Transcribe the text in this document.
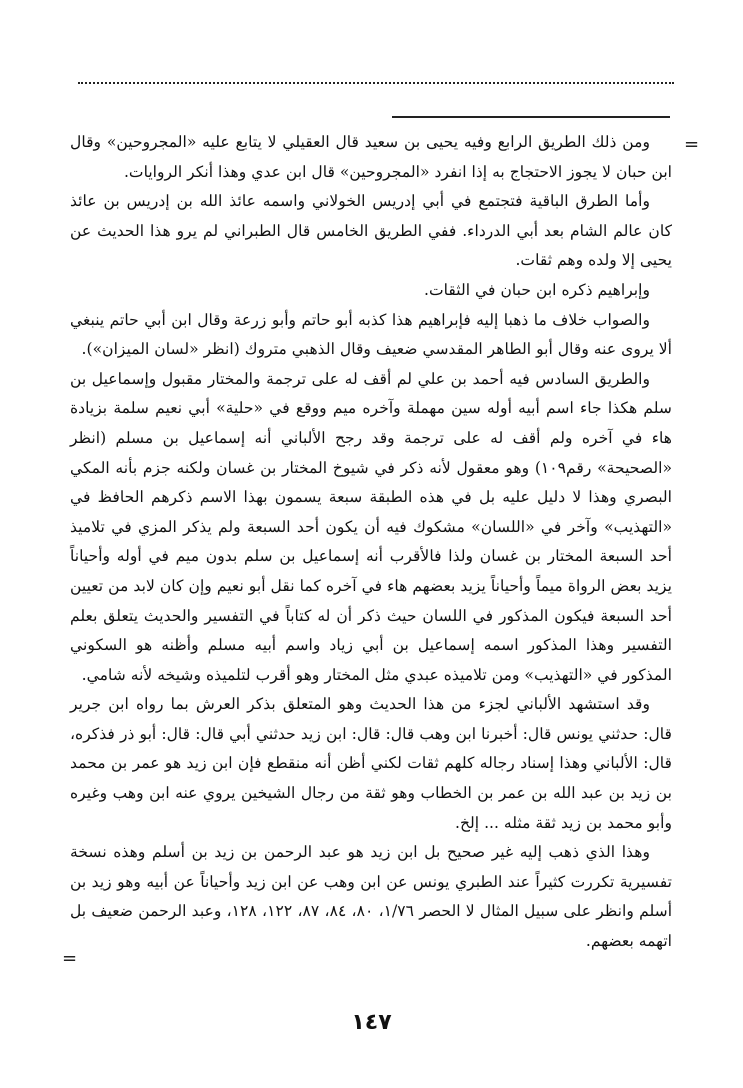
=

ومن ذلك الطريق الرابع وفيه يحيى بن سعيد قال العقيلي لا يتابع عليه «المجروحين» وقال ابن حبان لا يجوز الاحتجاج به إذا انفرد «المجروحين» قال ابن عدي وهذا أنكر الروايات.

وأما الطرق الباقية فتجتمع في أبي إدريس الخولاني واسمه عائذ الله بن إدريس بن عائذ كان عالم الشام بعد أبي الدرداء. ففي الطريق الخامس قال الطبراني لم يرو هذا الحديث عن يحيى إلا ولده وهم ثقات.

وإبراهيم ذكره ابن حبان في الثقات.

والصواب خلاف ما ذهبا إليه فإبراهيم هذا كذبه أبو حاتم وأبو زرعة وقال ابن أبي حاتم ينبغي ألا يروى عنه وقال أبو الطاهر المقدسي ضعيف وقال الذهبي متروك (انظر «لسان الميزان»).

والطريق السادس فيه أحمد بن علي لم أقف له على ترجمة والمختار مقبول وإسماعيل بن سلم هكذا جاء اسم أبيه أوله سين مهملة وآخره ميم ووقع في «حلية» أبي نعيم سلمة بزيادة هاء في آخره ولم أقف له على ترجمة وقد رجح الألباني أنه إسماعيل بن مسلم (انظر «الصحيحة» رقم١٠٩) وهو معقول لأنه ذكر في شيوخ المختار بن غسان ولكنه جزم بأنه المكي البصري وهذا لا دليل عليه بل في هذه الطبقة سبعة يسمون بهذا الاسم ذكرهم الحافظ في «التهذيب» وآخر في «اللسان» مشكوك فيه أن يكون أحد السبعة ولم يذكر المزي في تلاميذ أحد السبعة المختار بن غسان ولذا فالأقرب أنه إسماعيل بن سلم بدون ميم في أوله وأحياناً يزيد بعض الرواة ميماً وأحياناً يزيد بعضهم هاء في آخره كما نقل أبو نعيم وإن كان لابد من تعيين أحد السبعة فيكون المذكور في اللسان حيث ذكر أن له كتاباً في التفسير والحديث يتعلق بعلم التفسير وهذا المذكور اسمه إسماعيل بن أبي زياد واسم أبيه مسلم وأظنه هو السكوني المذكور في «التهذيب» ومن تلاميذه عبدي مثل المختار وهو أقرب لتلميذه وشيخه لأنه شامي.

وقد استشهد الألباني لجزء من هذا الحديث وهو المتعلق بذكر العرش بما رواه ابن جرير قال: حدثني يونس قال: أخبرنا ابن وهب قال: قال: ابن زيد حدثني أبي قال: قال: أبو ذر فذكره، قال: الألباني وهذا إسناد رجاله كلهم ثقات لكني أظن أنه منقطع فإن ابن زيد هو عمر بن محمد بن زيد بن عبد الله بن عمر بن الخطاب وهو ثقة من رجال الشيخين يروي عنه ابن وهب وغيره وأبو محمد بن زيد ثقة مثله ... إلخ.

وهذا الذي ذهب إليه غير صحيح بل ابن زيد هو عبد الرحمن بن زيد بن أسلم وهذه نسخة تفسيرية تكررت كثيراً عند الطبري يونس عن ابن وهب عن ابن زيد وأحياناً عن أبيه وهو زيد بن أسلم وانظر على سبيل المثال لا الحصر ١/٧٦، ٨٠، ٨٤، ٨٧، ١٢٢، ١٢٨، وعبد الرحمن ضعيف بل اتهمه بعضهم.

=
١٤٧
